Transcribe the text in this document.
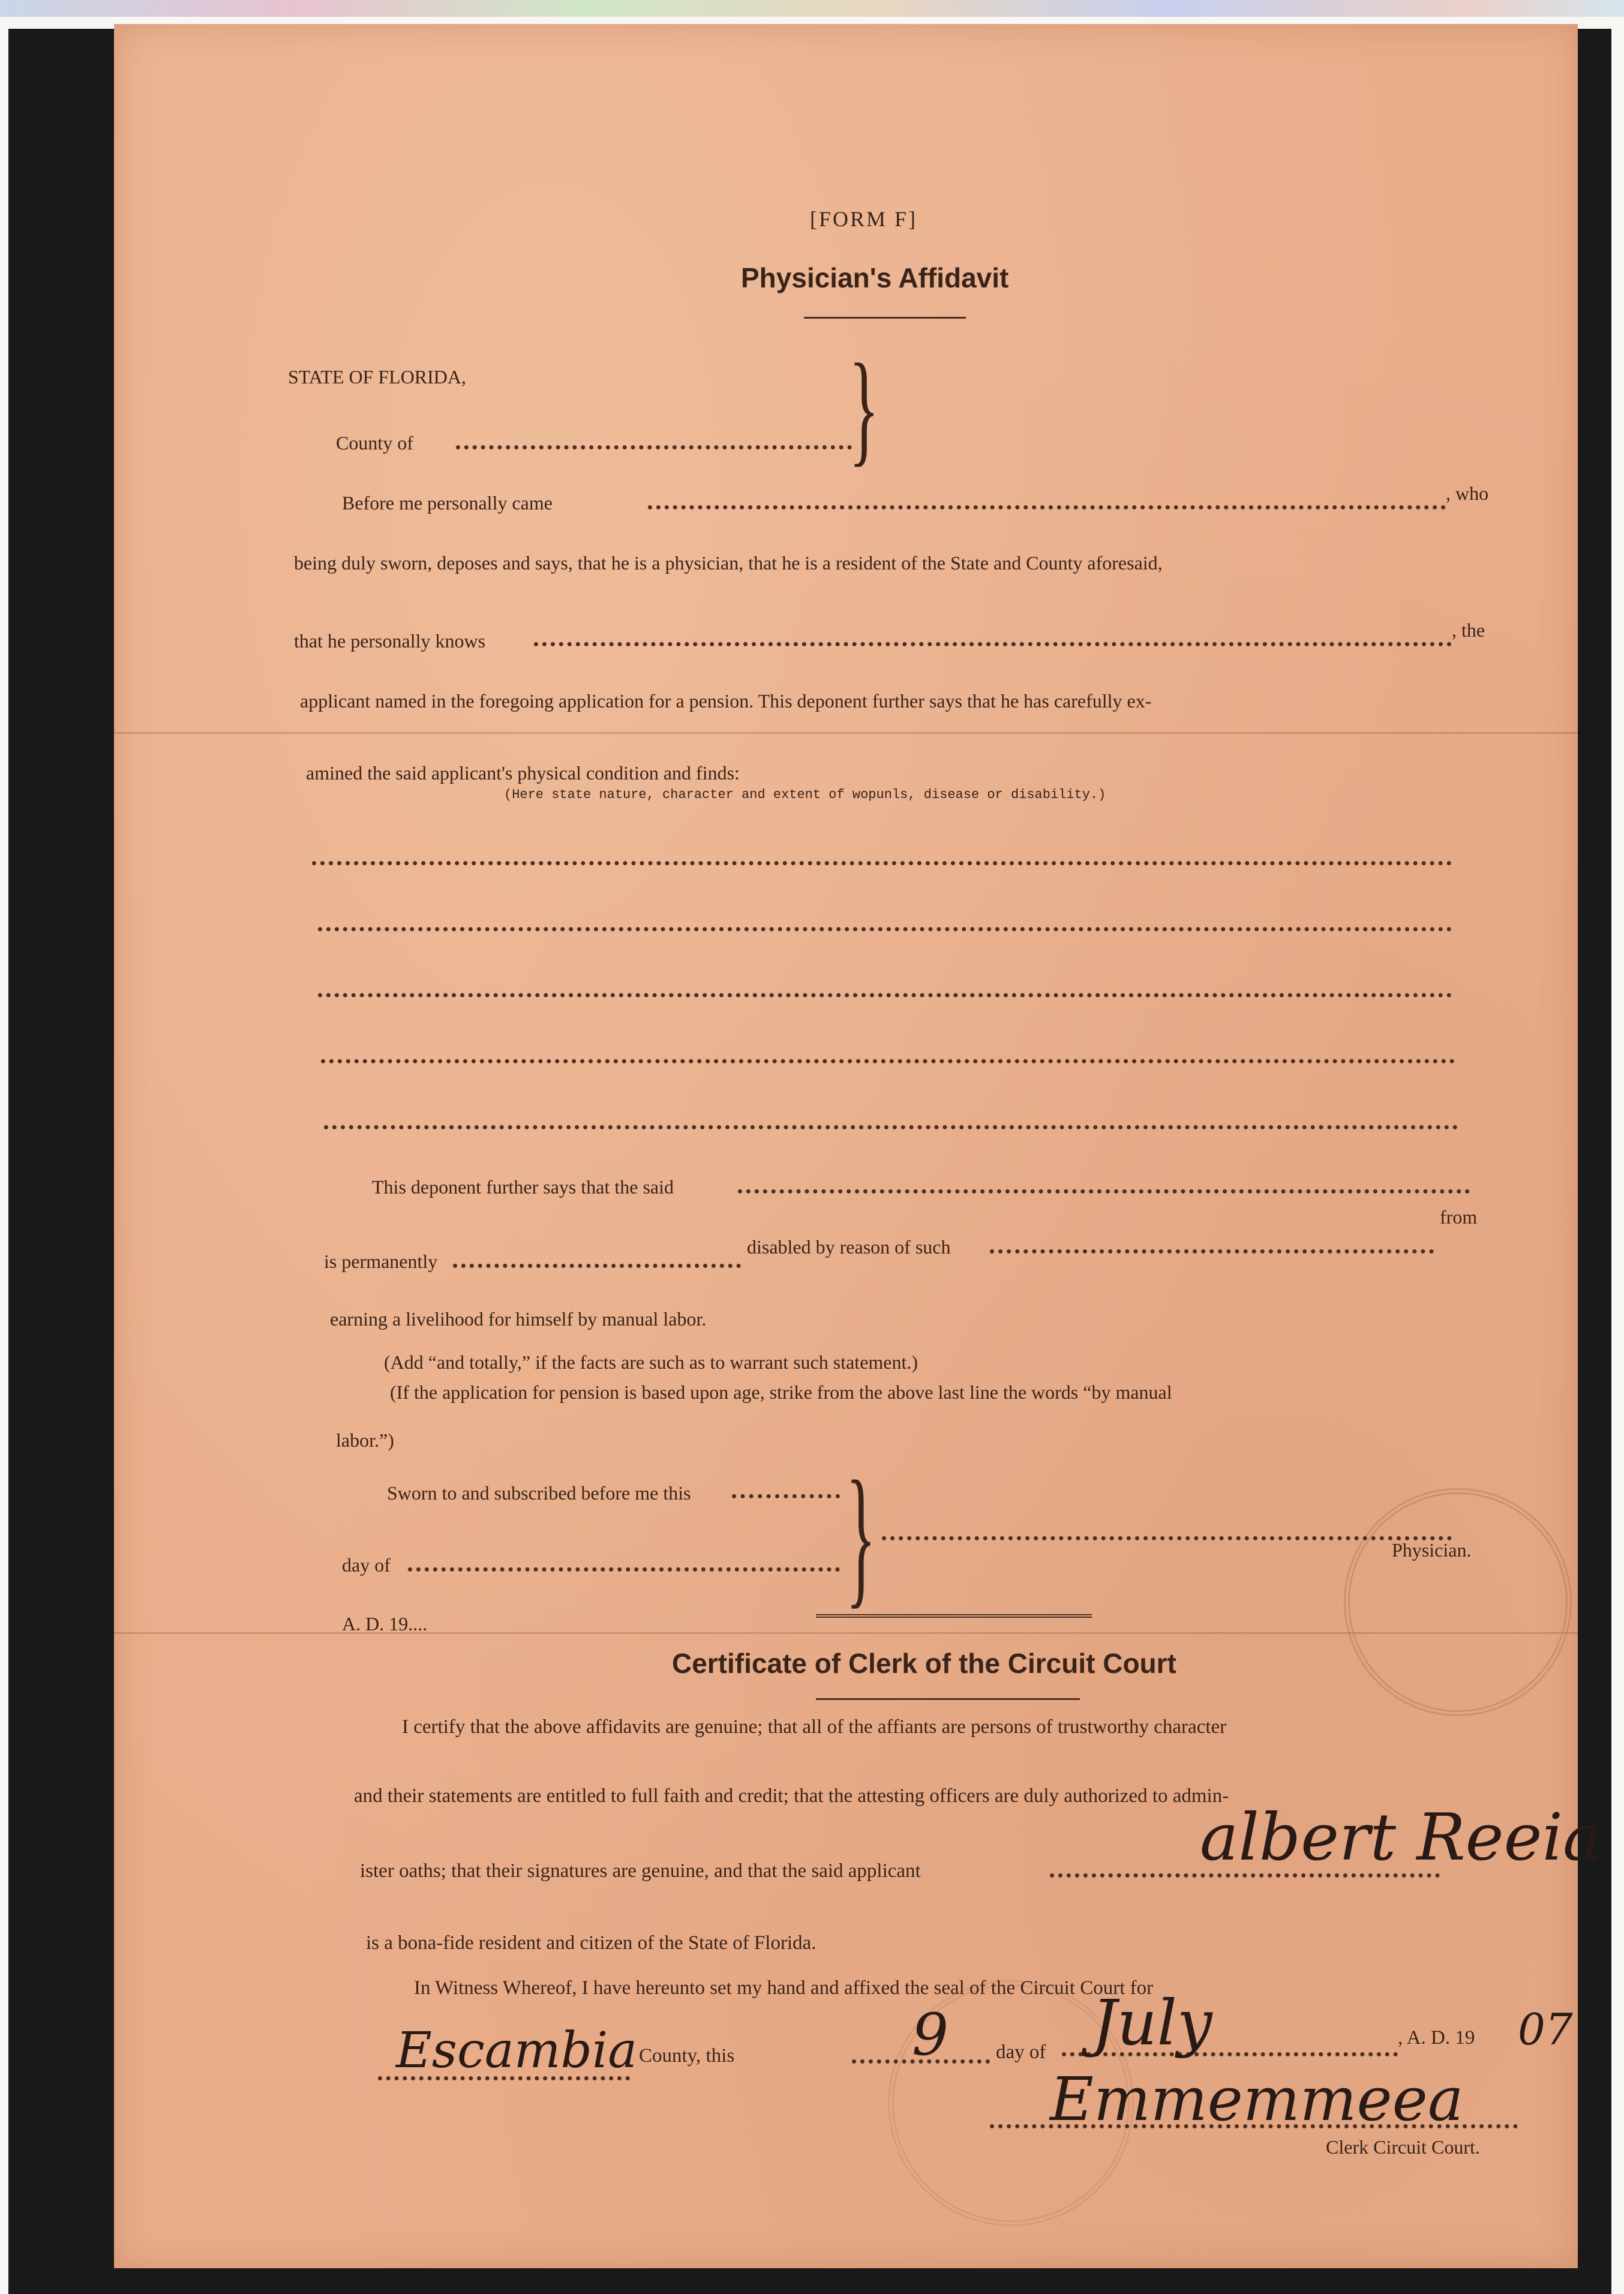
[FORM F]
Physician's Affidavit
STATE OF FLORIDA,
County of	}
Before me personally came	, who
being duly sworn, deposes and says, that he is a physician, that he is a resident of the State and County aforesaid,
that he personally knows	, the
applicant named in the foregoing application for a pension. This deponent further says that he has carefully ex-
amined the said applicant's physical condition and finds:
(Here state nature, character and extent of wopunls, disease or disability.)
This deponent further says that the said
is permanently
disabled by reason of such
from
earning a livelihood for himself by manual labor.
(Add “and totally,” if the facts are such as to warrant such statement.)
(If the application for pension is based upon age, strike from the above last line the words “by manual
labor.”)
Sworn to and subscribed before me this
day of
A. D. 19....
}	Physician.
Certificate of Clerk of the Circuit Court
I certify that the above affidavits are genuine; that all of the affiants are persons of trustworthy character
and their statements are entitled to full faith and credit; that the attesting officers are duly authorized to admin-
ister oaths; that their signatures are genuine, and that the said applicant	albert Reeia
is a bona-fide resident and citizen of the State of Florida.
In Witness Whereof, I have hereunto set my hand and affixed the seal of the Circuit Court for
Escambia County, this	9 day of July	, A. D. 19 07
Emmemmeea
Clerk Circuit Court.
